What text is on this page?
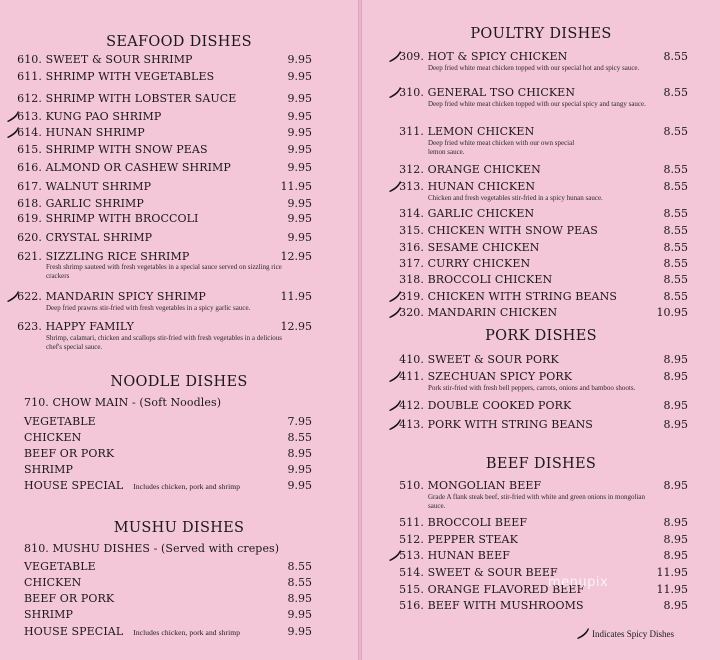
SEAFOOD DISHES
610. SWEET & SOUR SHRIMP	9.95
611. SHRIMP WITH VEGETABLES	9.95
612. SHRIMP WITH LOBSTER SAUCE	9.95
613. KUNG PAO SHRIMP	9.95
614. HUNAN SHRIMP	9.95
615. SHRIMP WITH SNOW PEAS	9.95
616. ALMOND OR CASHEW SHRIMP	9.95
617. WALNUT SHRIMP	11.95
618. GARLIC SHRIMP	9.95
619. SHRIMP WITH BROCCOLI	9.95
620. CRYSTAL SHRIMP	9.95
621. SIZZLING RICE SHRIMP	12.95
Fresh shrimp sauteed with fresh vegetables in a special sauce served on sizzling rice crackers
622. MANDARIN SPICY SHRIMP	11.95
Deep fried prawns stir-fried with fresh vegetables in a spicy garlic sauce.
623. HAPPY FAMILY	12.95
Shrimp, calamari, chicken and scallops stir-fried with fresh vegetables in a delicious chef's special sauce.
NOODLE DISHES
710. CHOW MAIN - (Soft Noodles)
VEGETABLE	7.95
CHICKEN	8.55
BEEF OR PORK	8.95
SHRIMP	9.95
HOUSE SPECIAL Includes chicken, pork and shrimp	9.95
MUSHU DISHES
810. MUSHU DISHES - (Served with crepes)
VEGETABLE	8.55
CHICKEN	8.55
BEEF OR PORK	8.95
SHRIMP	9.95
HOUSE SPECIAL Includes chicken, pork and shrimp	9.95
POULTRY DISHES
309. HOT & SPICY CHICKEN	8.55
Deep fried white meat chicken topped with our special hot and spicy sauce.
310. GENERAL TSO CHICKEN	8.55
Deep fried white meat chicken topped with our special spicy and tangy sauce.
311. LEMON CHICKEN	8.55
Deep fried white meat chicken with our own special lemon sauce.
312. ORANGE CHICKEN	8.55
313. HUNAN CHICKEN	8.55
Chicken and fresh vegetables stir-fried in a spicy hunan sauce.
314. GARLIC CHICKEN	8.55
315. CHICKEN WITH SNOW PEAS	8.55
316. SESAME CHICKEN	8.55
317. CURRY CHICKEN	8.55
318. BROCCOLI CHICKEN	8.55
319. CHICKEN WITH STRING BEANS	8.55
320. MANDARIN CHICKEN	10.95
PORK DISHES
410. SWEET & SOUR PORK	8.95
411. SZECHUAN SPICY PORK	8.95
Pork stir-fried with fresh bell peppers, carrots, onions and bamboo shoots.
412. DOUBLE COOKED PORK	8.95
413. PORK WITH STRING BEANS	8.95
BEEF DISHES
510. MONGOLIAN BEEF	8.95
Grade A flank steak beef, stir-fried with white and green onions in mongolian sauce.
511. BROCCOLI BEEF	8.95
512. PEPPER STEAK	8.95
513. HUNAN BEEF	8.95
514. SWEET & SOUR BEEF	11.95
515. ORANGE FLAVORED BEEF	11.95
516. BEEF WITH MUSHROOMS	8.95
Indicates Spicy Dishes
menupix
